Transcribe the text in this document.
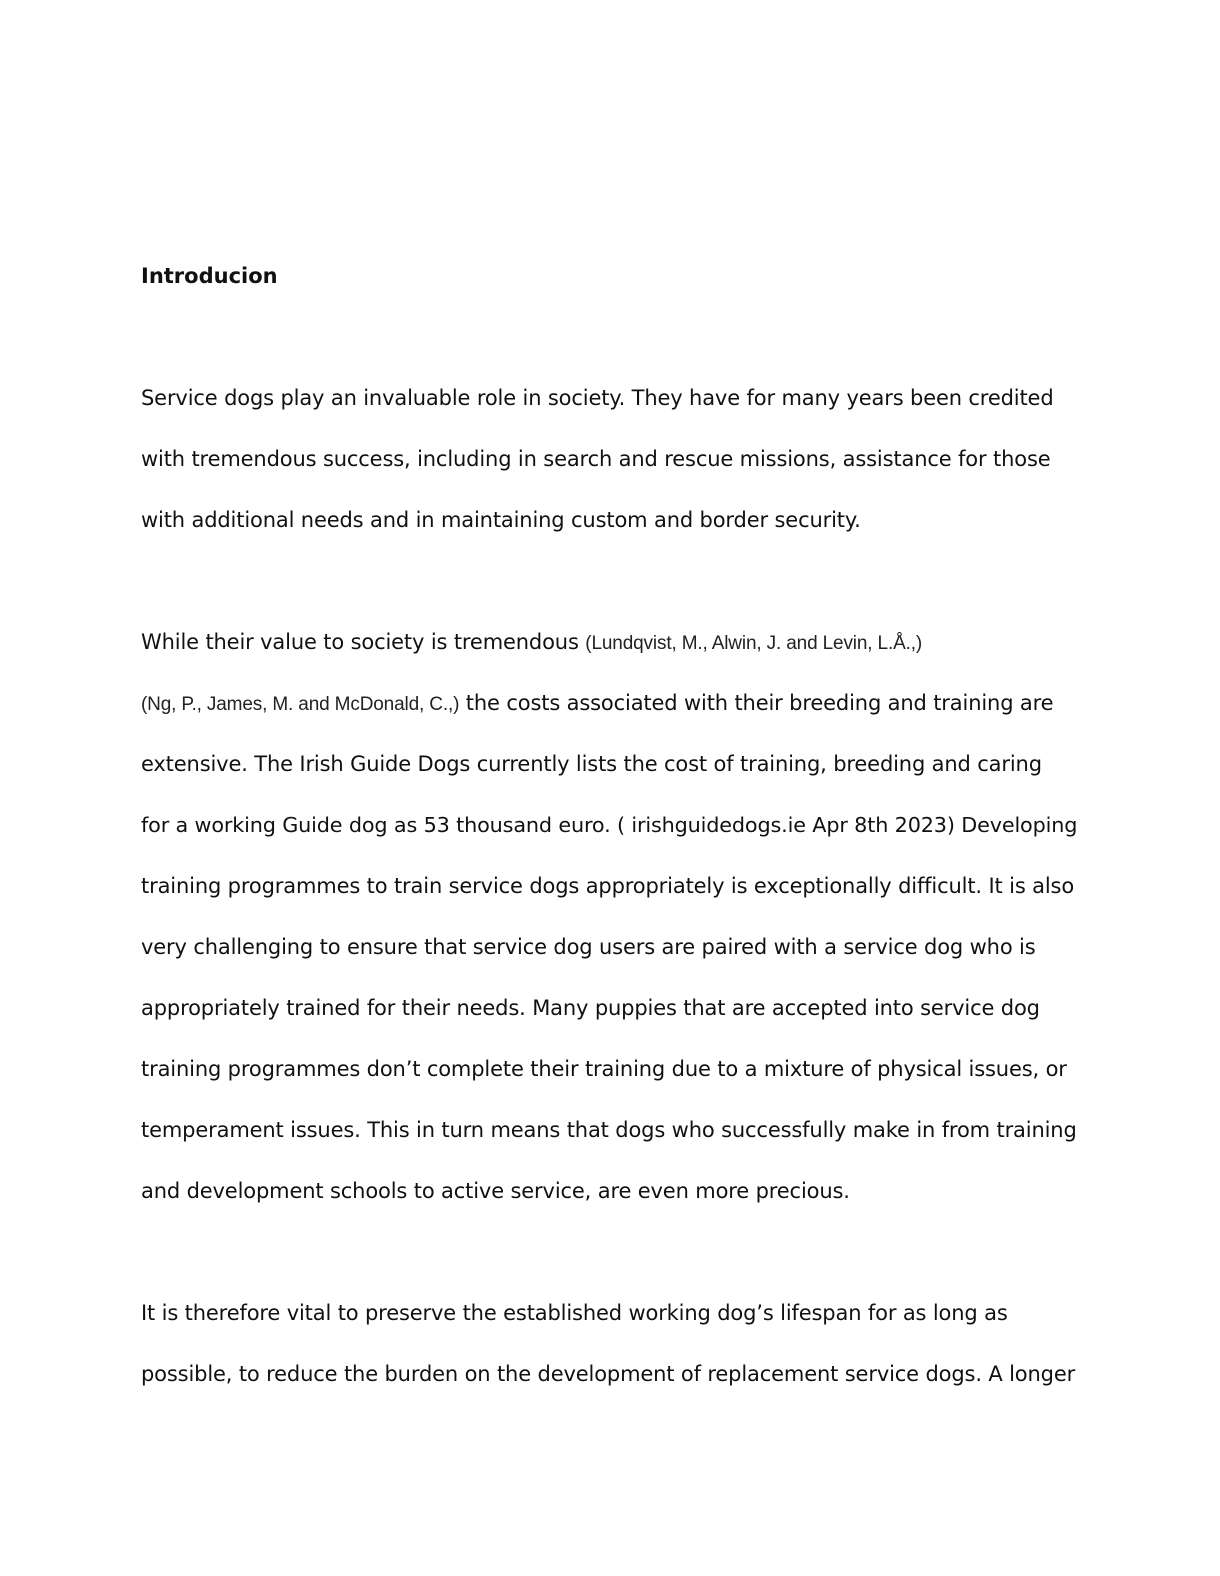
Introducion
Service dogs play an invaluable role in society. They have for many years been credited
with tremendous success, including in search and rescue missions, assistance for those
with additional needs and in maintaining custom and border security.
While their value to society is tremendous (Lundqvist, M., Alwin, J. and Levin, L.Å.,)
(Ng, P., James, M. and McDonald, C.,) the costs associated with their breeding and training are
extensive. The Irish Guide Dogs currently lists the cost of training, breeding and caring
for a working Guide dog as 53 thousand euro. ( irishguidedogs.ie Apr 8th 2023) Developing
training programmes to train service dogs appropriately is exceptionally difficult. It is also
very challenging to ensure that service dog users are paired with a service dog who is
appropriately trained for their needs. Many puppies that are accepted into service dog
training programmes don’t complete their training due to a mixture of physical issues, or
temperament issues. This in turn means that dogs who successfully make in from training
and development schools to active service, are even more precious.
It is therefore vital to preserve the established working dog’s lifespan for as long as
possible, to reduce the burden on the development of replacement service dogs. A longer
